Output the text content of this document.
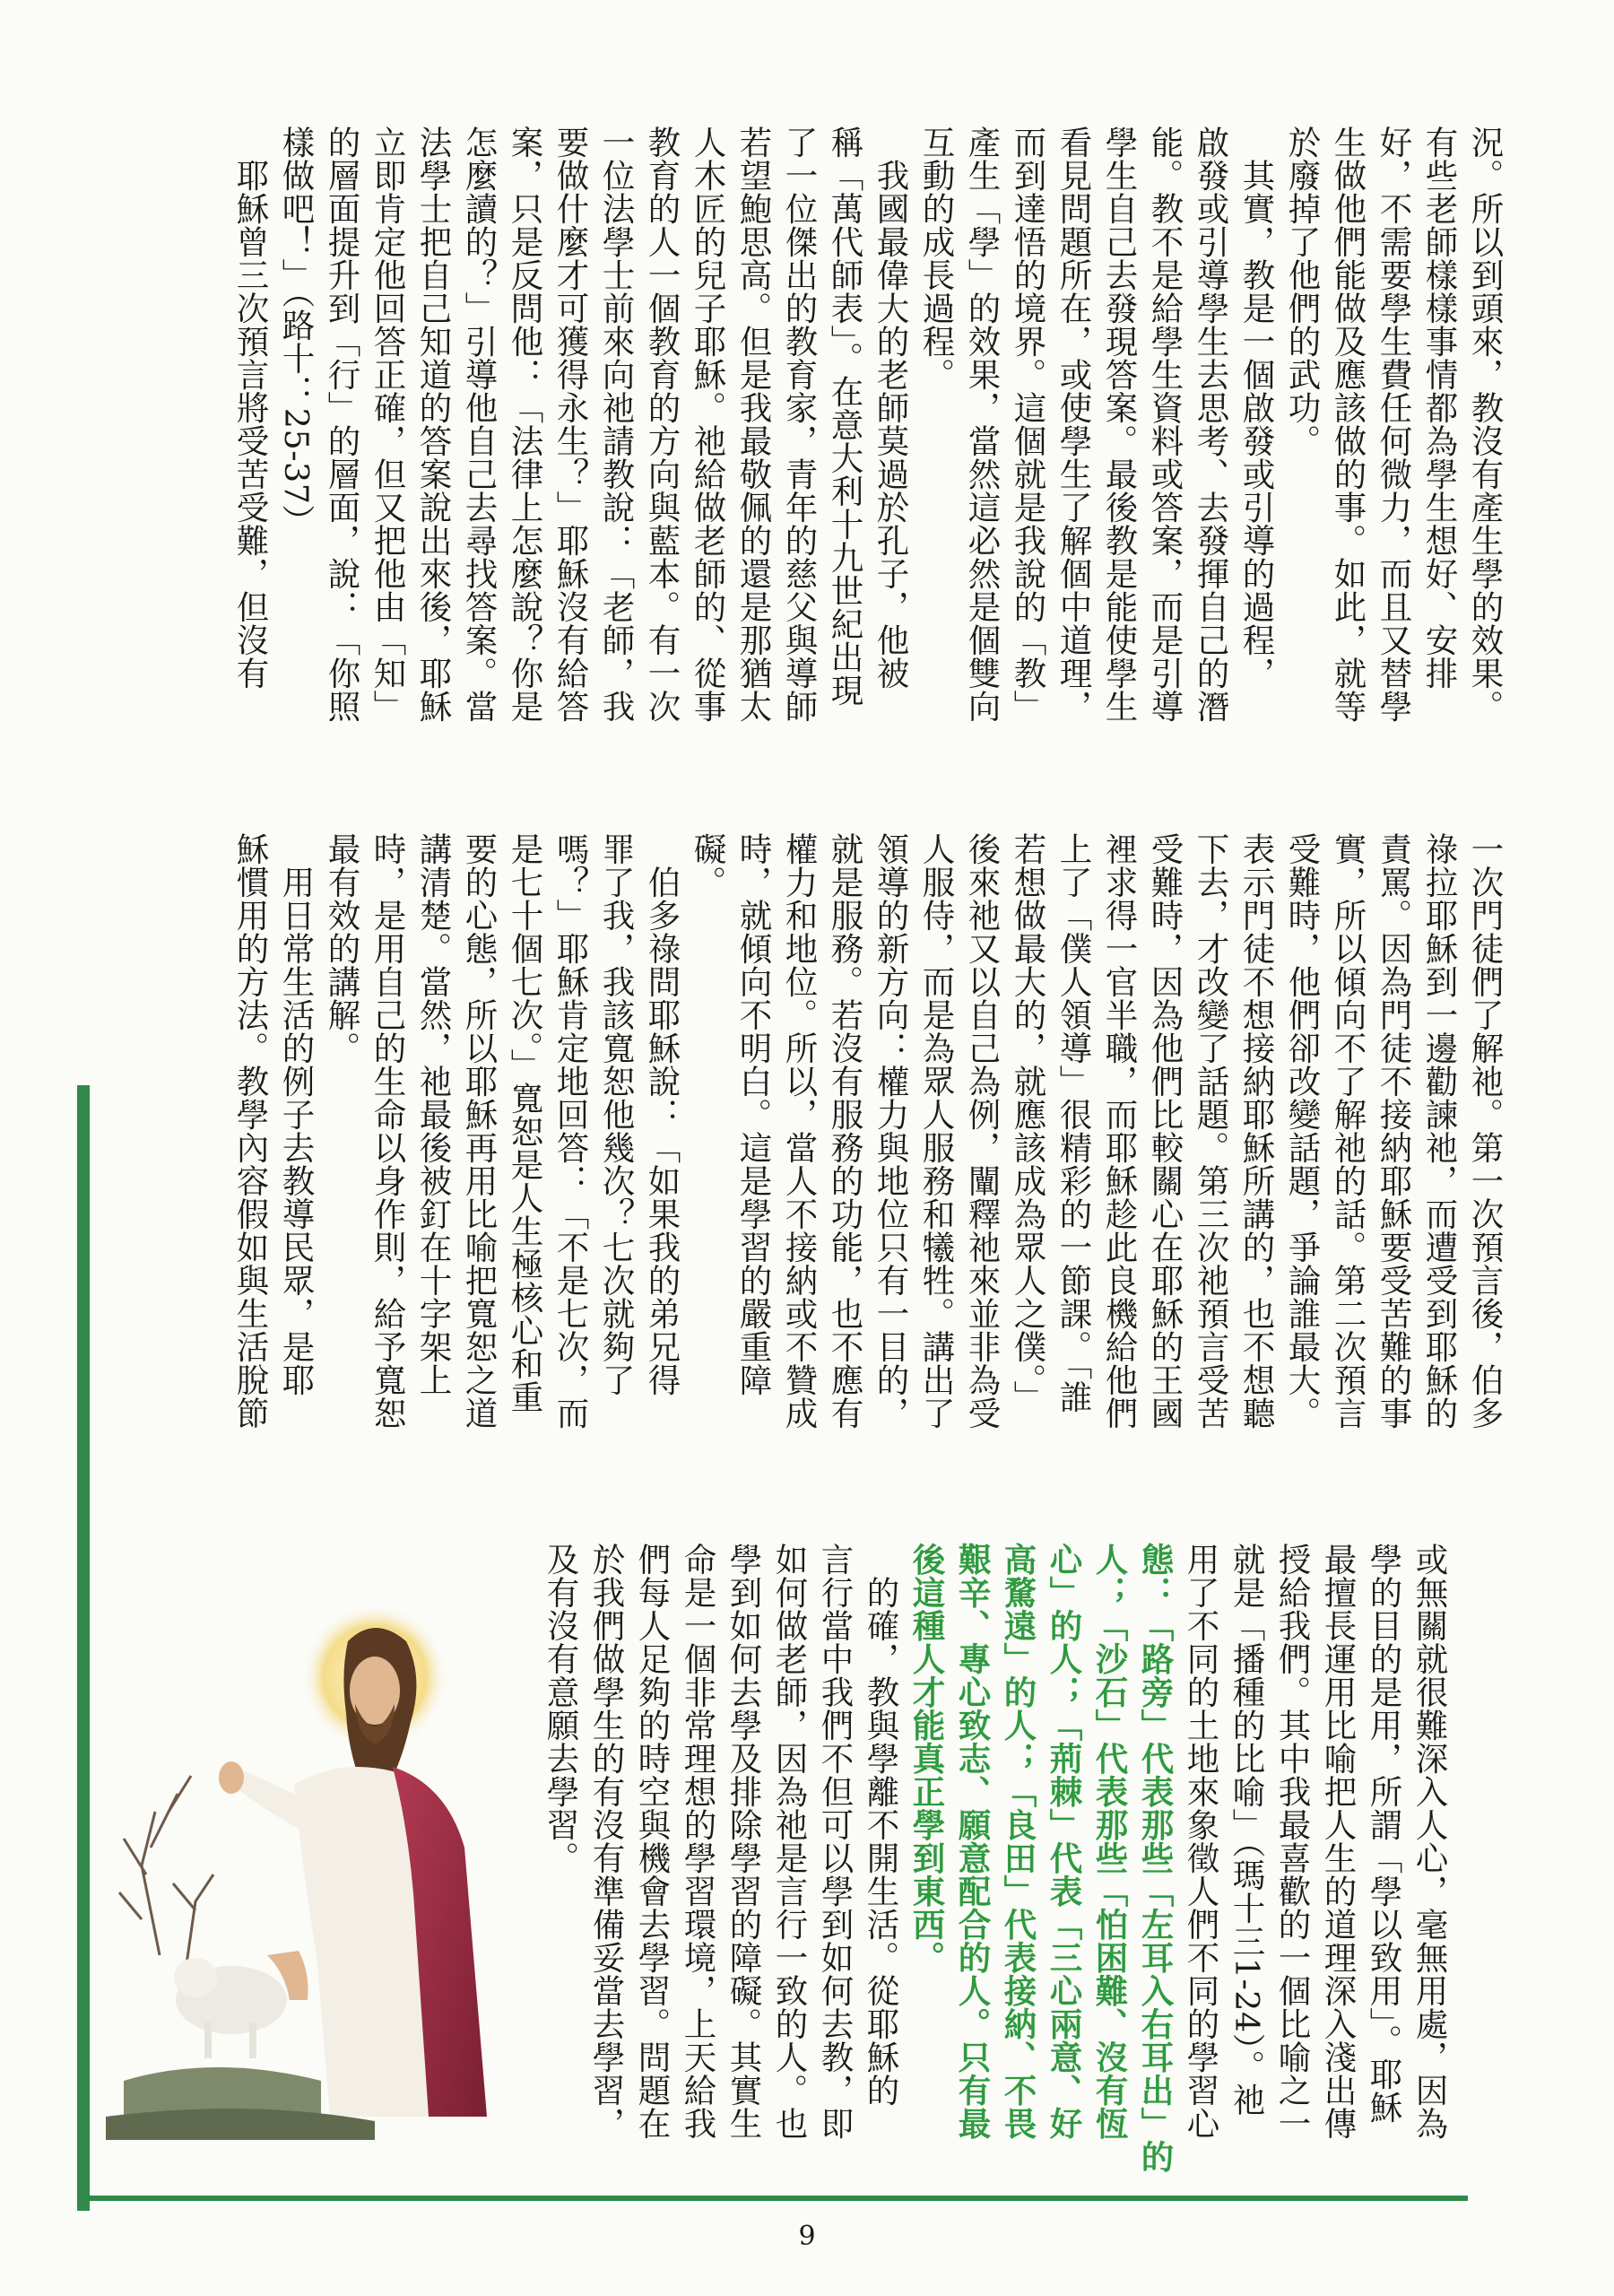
況。所以到頭來，教沒有產生學的效果。
有些老師樣樣事情都為學生想好、安排
好，不需要學生費任何微力，而且又替學
生做他們能做及應該做的事。如此，就等
於廢掉了他們的武功。
　其實，教是一個啟發或引導的過程，
啟發或引導學生去思考、去發揮自己的潛
能。教不是給學生資料或答案，而是引導
學生自己去發現答案。最後教是能使學生
看見問題所在，或使學生了解個中道理，
而到達悟的境界。這個就是我說的「教」
產生「學」的效果，當然這必然是個雙向
互動的成長過程。
　我國最偉大的老師莫過於孔子，他被
稱「萬代師表」。在意大利十九世紀出現
了一位傑出的教育家，青年的慈父與導師
若望鮑思高。但是我最敬佩的還是那猶太
人木匠的兒子耶穌。祂給做老師的、從事
教育的人一個教育的方向與藍本。有一次
一位法學士前來向祂請教說：「老師，我
要做什麼才可獲得永生？」耶穌沒有給答
案，只是反問他：「法律上怎麼說？你是
怎麼讀的？」引導他自己去尋找答案。當
法學士把自己知道的答案說出來後，耶穌
立即肯定他回答正確，但又把他由「知」
的層面提升到「行」的層面，說：「你照
樣做吧！」（路十：25-37）
　耶穌曾三次預言將受苦受難，但沒有

一次門徒們了解祂。第一次預言後，伯多
祿拉耶穌到一邊勸諫祂，而遭受到耶穌的
責罵。因為門徒不接納耶穌要受苦難的事
實，所以傾向不了解祂的話。第二次預言
受難時，他們卻改變話題，爭論誰最大。
表示門徒不想接納耶穌所講的，也不想聽
下去，才改變了話題。第三次祂預言受苦
受難時，因為他們比較關心在耶穌的王國
裡求得一官半職，而耶穌趁此良機給他們
上了「僕人領導」很精彩的一節課。「誰
若想做最大的，就應該成為眾人之僕。」
後來祂又以自己為例，闡釋祂來並非為受
人服侍，而是為眾人服務和犧牲。講出了
領導的新方向：權力與地位只有一目的，
就是服務。若沒有服務的功能，也不應有
權力和地位。所以，當人不接納或不贊成
時，就傾向不明白。這是學習的嚴重障
礙。
　伯多祿問耶穌說：「如果我的弟兄得
罪了我，我該寬恕他幾次？七次就夠了
嗎？」耶穌肯定地回答：「不是七次，而
是七十個七次。」寬恕是人生極核心和重
要的心態，所以耶穌再用比喻把寬恕之道
講清楚。當然，祂最後被釘在十字架上
時，是用自己的生命以身作則，給予寬恕
最有效的講解。
　用日常生活的例子去教導民眾，是耶
穌慣用的方法。教學內容假如與生活脫節

或無關就很難深入人心，毫無用處，因為
學的目的是用，所謂「學以致用」。耶穌
最擅長運用比喻把人生的道理深入淺出傳
授給我們。其中我最喜歡的一個比喻之一
就是「播種的比喻」（瑪十三1-24）。祂
用了不同的土地來象徵人們不同的學習心
態：「路旁」代表那些「左耳入右耳出」的
人；「沙石」代表那些「怕困難、沒有恆
心」的人；「荊棘」代表「三心兩意、好
高騖遠」的人；「良田」代表接納、不畏
艱辛、專心致志、願意配合的人。只有最
後這種人才能真正學到東西。
　的確，教與學離不開生活。從耶穌的
言行當中我們不但可以學到如何去教，即
如何做老師，因為祂是言行一致的人。也
學到如何去學及排除學習的障礙。其實生
命是一個非常理想的學習環境，上天給我
們每人足夠的時空與機會去學習。問題在
於我們做學生的有沒有準備妥當去學習，
及有沒有意願去學習。

9
